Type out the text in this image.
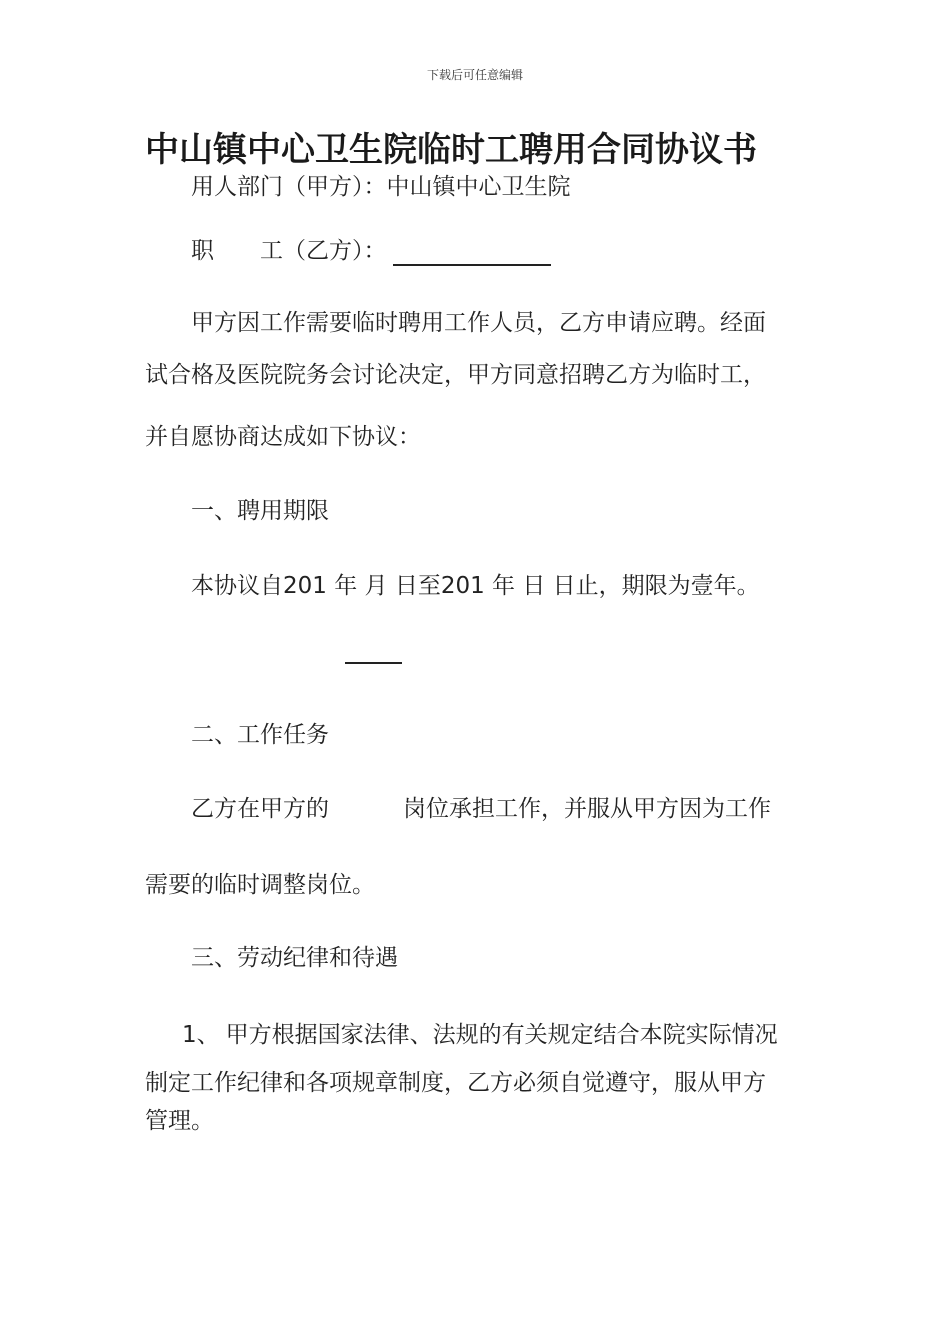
下载后可任意编辑
中山镇中心卫生院临时工聘用合同协议书
用人部门（甲方）：中山镇中心卫生院
职 工（乙方）：
甲方因工作需要临时聘用工作人员，乙方申请应聘。经面
试合格及医院院务会讨论决定，甲方同意招聘乙方为临时工，
并自愿协商达成如下协议：
一、聘用期限
本协议自201 年 月 日至201 年 日 日止，期限为壹年。
二、工作任务
乙方在甲方的	岗位承担工作，并服从甲方因为工作
需要的临时调整岗位。
三、劳动纪律和待遇
1、 甲方根据国家法律、法规的有关规定结合本院实际情况
制定工作纪律和各项规章制度，乙方必须自觉遵守，服从甲方
管理。
